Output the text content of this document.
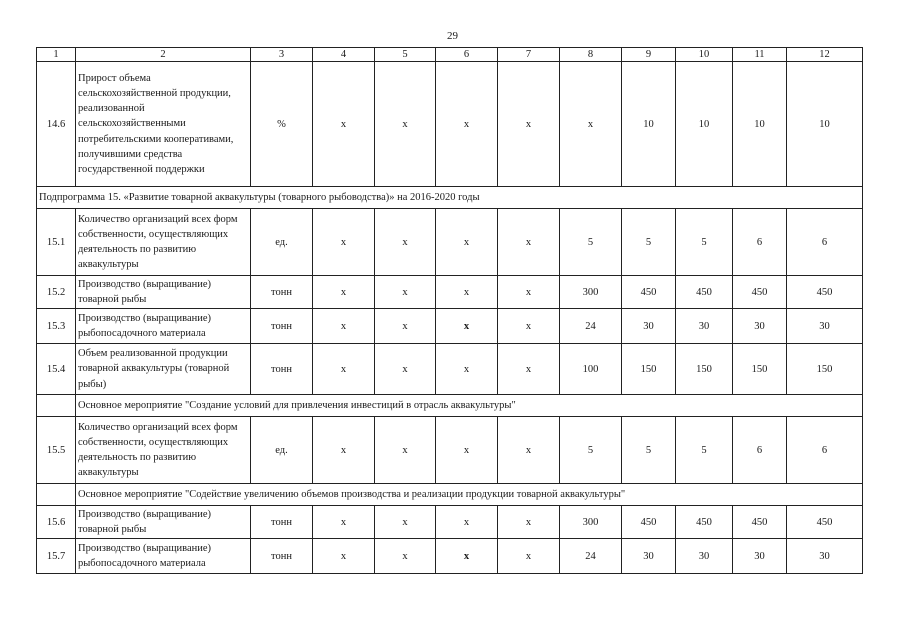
29
1	2	3	4	5	6	7	8	9	10	11	12
14.6	Прирост объема сельскохозяйственной продукции, реализованной сельскохозяйственными потребительскими кооперативами, получившими средства государственной поддержки	%	х	х	х	х	х	10	10	10	10
Подпрограмма 15. «Развитие товарной аквакультуры (товарного рыбоводства)» на 2016-2020 годы											
15.1	Количество организаций всех форм собственности, осуществляющих деятельность по развитию аквакультуры	ед.	х	х	х	х	5	5	5	6	6
15.2	Производство (выращивание) товарной рыбы	тонн	х	х	х	х	300	450	450	450	450
15.3	Производство (выращивание) рыбопосадочного материала	тонн	х	х	х	х	24	30	30	30	30
15.4	Объем реализованной продукции товарной аквакультуры (товарной рыбы)	тонн	х	х	х	х	100	150	150	150	150
	Основное мероприятие "Создание условий для привлечения инвестиций в отрасль аквакультуры"										
15.5	Количество организаций всех форм собственности, осуществляющих деятельность по развитию аквакультуры	ед.	х	х	х	х	5	5	5	6	6
	Основное мероприятие "Содействие увеличению объемов производства и реализации продукции товарной аквакультуры"										
15.6	Производство (выращивание) товарной рыбы	тонн	х	х	х	х	300	450	450	450	450
15.7	Производство (выращивание) рыбопосадочного материала	тонн	х	х	х	х	24	30	30	30	30
